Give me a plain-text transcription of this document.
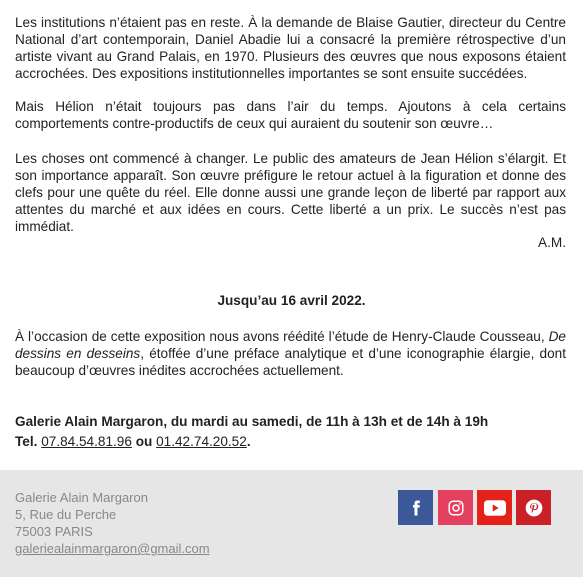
Les institutions n’étaient pas en reste. À la demande de Blaise Gautier, directeur du Centre National d’art contemporain, Daniel Abadie lui a consacré la première rétrospective d’un artiste vivant au Grand Palais, en 1970. Plusieurs des œuvres que nous exposons étaient accrochées. Des expositions institutionnelles importantes se sont ensuite succédées.

Mais Hélion n’était toujours pas dans l’air du temps. Ajoutons à cela certains comportements contre-productifs de ceux qui auraient du soutenir son œuvre…

Les choses ont commencé à changer. Le public des amateurs de Jean Hélion s’élargit. Et son importance apparaît. Son œuvre préfigure le retour actuel à la figuration et donne des clefs pour une quête du réel. Elle donne aussi une grande leçon de liberté par rapport aux attentes du marché et aux idées en cours. Cette liberté a un prix. Le succès n’est pas immédiat.

A.M.
Jusqu’au 16 avril 2022.

À l’occasion de cette exposition nous avons réédité l’étude de Henry-Claude Cousseau, De dessins en desseins, étoffée d’une préface analytique et d’une iconographie élargie, dont beaucoup d’œuvres inédites accrochées actuellement.

Galerie Alain Margaron, du mardi au samedi, de 11h à 13h et de 14h à 19h
Tel. 07.84.54.81.96 ou 01.42.74.20.52.
Galerie Alain Margaron
5, Rue du Perche
75003 PARIS
galeriealainmargaron@gmail.com
